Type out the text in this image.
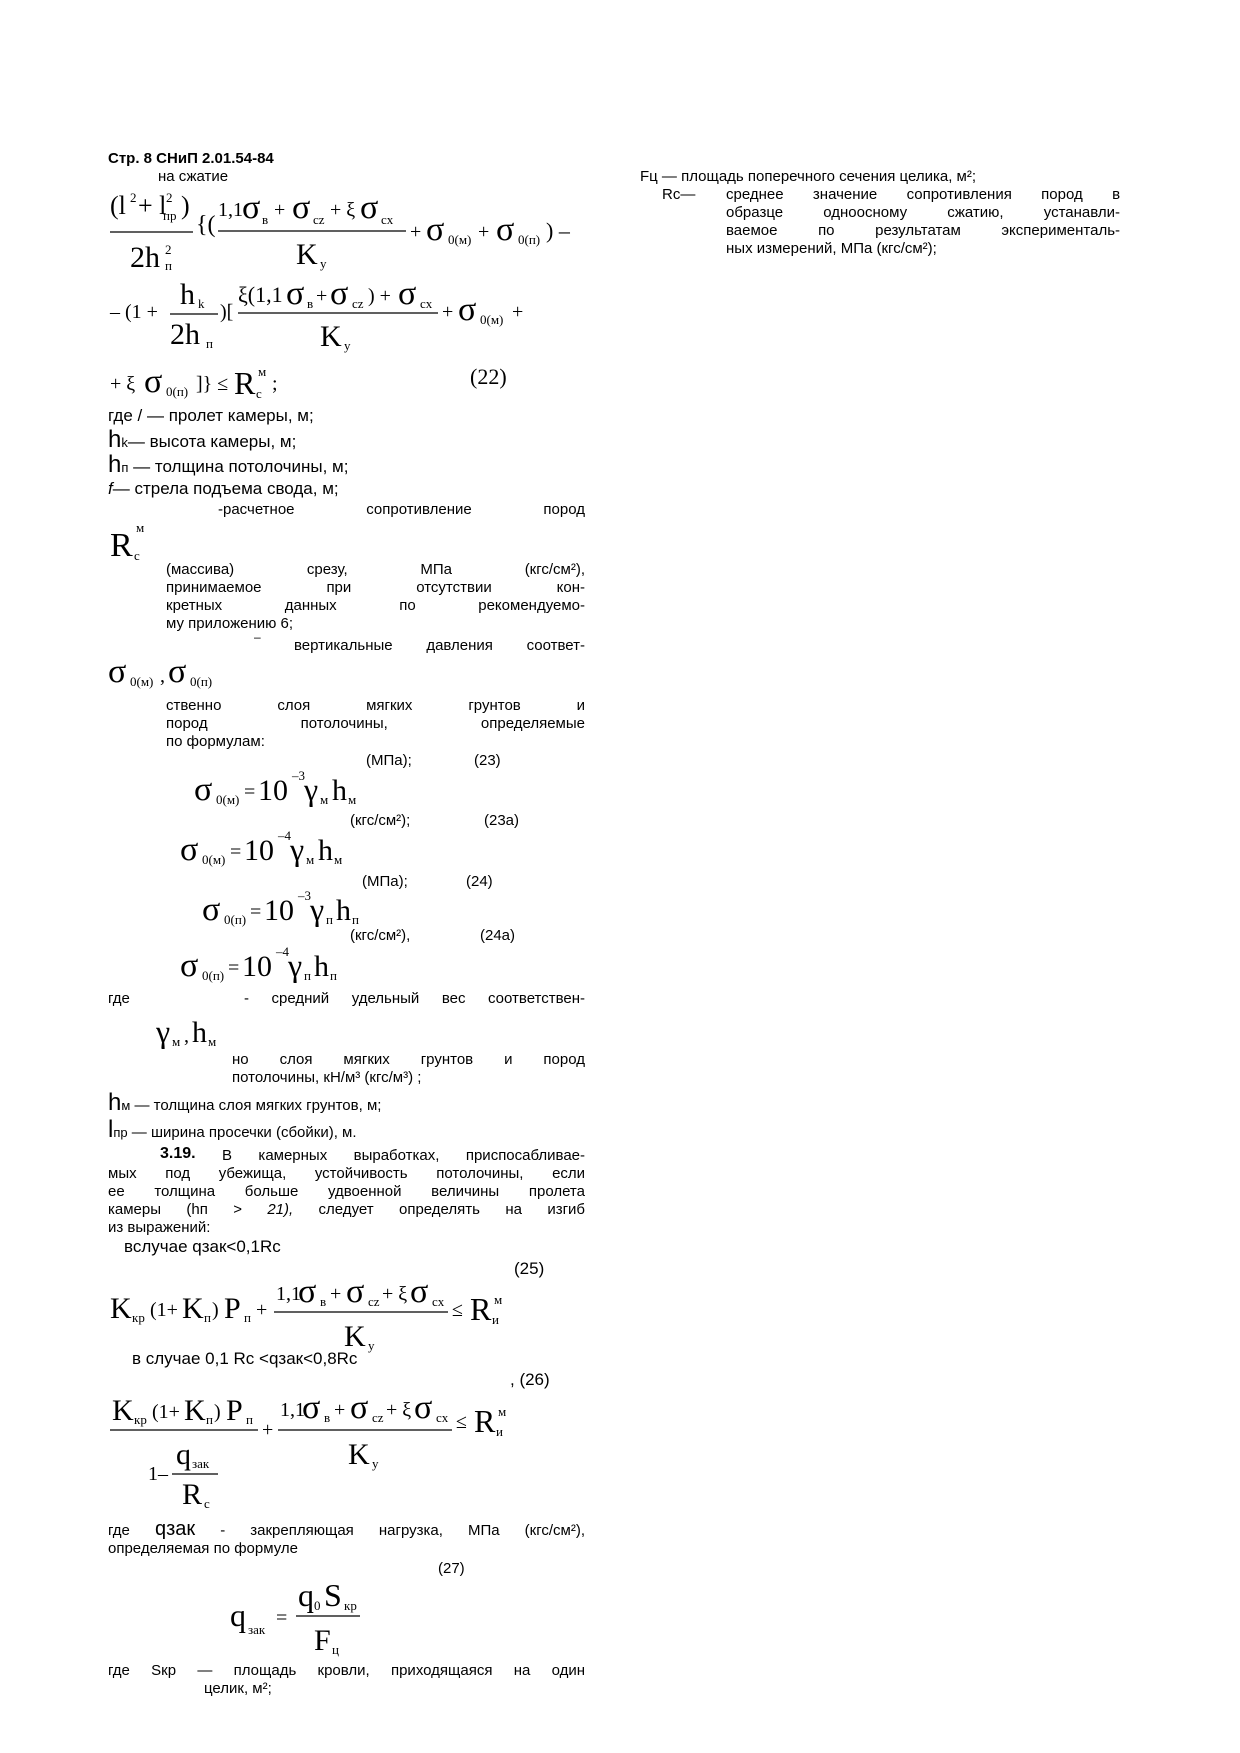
Стр. 8 СНиП 2.01.54-84
на сжатие
(l 2 + l 2
пр )
2h п
2
{(
1,1 σ в + σ cz + ξ σ cx
K у
+ σ 0(м) + σ 0(п) ) –
– (1 +
h k
2h п
)[
ξ(1,1 σ в + σ cz ) + σ cx
K у
+ σ 0(м) +
+ ξ σ 0(п) ]} ≤ R с
м
;	(22)
где / — пролет камеры, м;
hk— высота камеры, м;
hп — толщина потолочины, м;
f— стрела подъема свода, м;
-расчетное	сопротивление	пород
R с
м
(массива)	срезу,	МПа	(кгс/см²),
принимаемое	при	отсутствии	кон-
кретных	данных	по	рекомендуемо-
му приложению 6;
– вертикальные давления соответ-
σ 0(м) , σ 0(п)
ственно	слоя	мягких	грунтов	и
пород	потолочины,	определяемые
по формулам:
(МПа);	(23)
σ 0(м) = 10 –3 γ м h м
(кгс/см²);	(23а)
σ 0(м) = 10 –4 γ м h м
(МПа);	(24)
σ 0(п) = 10 –3 γ п h п
(кгс/см²),	(24а)
σ 0(п) = 10 –4 γ п h п
где	- средний удельный вес соответствен-
γ м , h м
но слоя мягких грунтов и пород
потолочины, кН/м³ (кгс/м³) ;
hм — толщина слоя мягких грунтов, м;
lпр — ширина просечки (сбойки), м.
3.19. В камерных выработках, приспосабливае-
мых под убежища, устойчивость потолочины, если
ее толщина больше удвоенной величины пролета
камеры (hп > 21), следует определять на изгиб
из выражений:
вслучае qзак<0,1Rc
(25)
K кр (1+ K п ) P п +
1,1
σ в + σ cz + ξ σ cx
K у
≤ R и
м
в случае 0,1 Rc <qзак<0,8Rc
, (26)
K кр (1+ K п ) P п
1–
q зак
R с
+
1,1
σ в + σ cz + ξ σ cx
K у
≤ R и
м
где qзак - закрепляющая нагрузка, МПа (кгс/см²),
определяемая по формуле
(27)
q зак
=
q 0 S кр
F ц
где Sкр — площадь кровли, приходящаяся на один
целик, м²;
Fц — площадь поперечного сечения целика, м²;
Rc— среднее значение сопротивления пород в
образце	одноосному	сжатию,	устанавли-
ваемое	по	результатам	эксперименталь-
ных измерений, МПа (кгс/см²);
